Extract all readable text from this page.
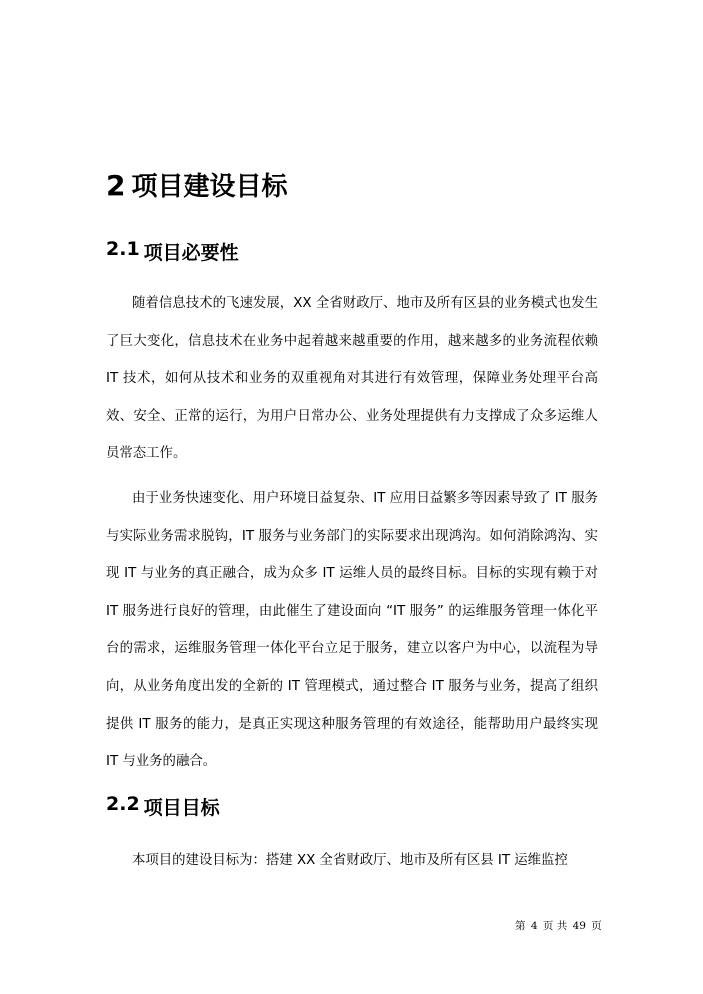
2 项目建设目标
2.1 项目必要性

随着信息技术的飞速发展，XX 全省财政厅、地市及所有区县的业务模式也发生了巨大变化，信息技术在业务中起着越来越重要的作用，越来越多的业务流程依赖 IT 技术，如何从技术和业务的双重视角对其进行有效管理，保障业务处理平台高效、安全、正常的运行，为用户日常办公、业务处理提供有力支撑成了众多运维人员常态工作。

由于业务快速变化、用户环境日益复杂、IT 应用日益繁多等因素导致了 IT 服务与实际业务需求脱钩，IT 服务与业务部门的实际要求出现鸿沟。如何消除鸿沟、实现 IT 与业务的真正融合，成为众多 IT 运维人员的最终目标。目标的实现有赖于对 IT 服务进行良好的管理，由此催生了建设面向 “IT 服务” 的运维服务管理一体化平台的需求，运维服务管理一体化平台立足于服务，建立以客户为中心，以流程为导向，从业务角度出发的全新的 IT 管理模式，通过整合 IT 服务与业务，提高了组织提供 IT 服务的能力，是真正实现这种服务管理的有效途径，能帮助用户最终实现 IT 与业务的融合。

2.2 项目目标

本项目的建设目标为：搭建 XX 全省财政厅、地市及所有区县 IT 运维监控

第 4 页 共 49 页
